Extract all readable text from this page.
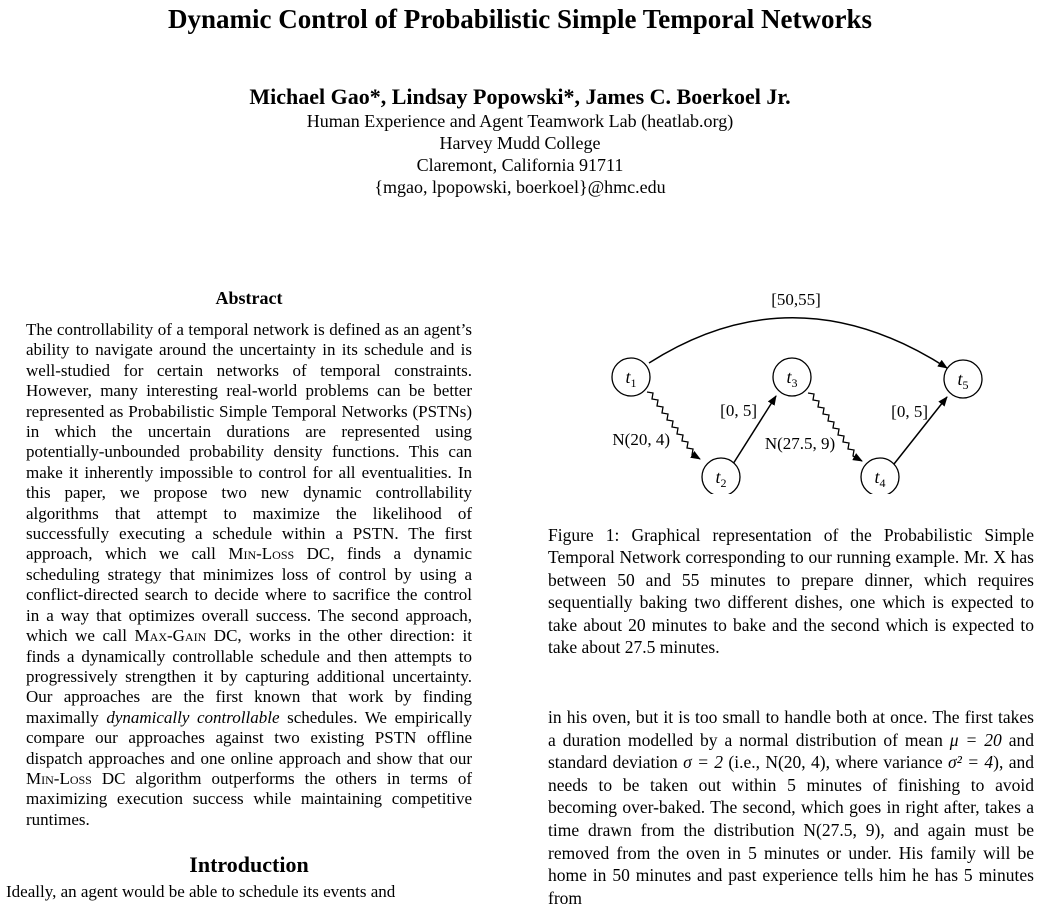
Dynamic Control of Probabilistic Simple Temporal Networks
Michael Gao*, Lindsay Popowski*, James C. Boerkoel Jr.
Human Experience and Agent Teamwork Lab (heatlab.org)
Harvey Mudd College
Claremont, California 91711
{mgao, lpopowski, boerkoel}@hmc.edu
Abstract
The controllability of a temporal network is defined as an agent’s ability to navigate around the uncertainty in its schedule and is well-studied for certain networks of temporal constraints. However, many interesting real-world problems can be better represented as Probabilistic Simple Temporal Networks (PSTNs) in which the uncertain durations are represented using potentially-unbounded probability density functions. This can make it inherently impossible to control for all eventualities. In this paper, we propose two new dynamic controllability algorithms that attempt to maximize the likelihood of successfully executing a schedule within a PSTN. The first approach, which we call Min-Loss DC, finds a dynamic scheduling strategy that minimizes loss of control by using a conflict-directed search to decide where to sacrifice the control in a way that optimizes overall success. The second approach, which we call Max-Gain DC, works in the other direction: it finds a dynamically controllable schedule and then attempts to progressively strengthen it by capturing additional uncertainty. Our approaches are the first known that work by finding maximally dynamically controllable schedules. We empirically compare our approaches against two existing PSTN offline dispatch approaches and one online approach and show that our Min-Loss DC algorithm outperforms the others in terms of maximizing execution success while maintaining competitive runtimes.
Introduction
Ideally, an agent would be able to schedule its events and
$t_1$
$t_2$
$t_3$
$t_4$
$t_5$
[50,55]
N(20, 4)
[0, 5]
N(27.5, 9)
[0, 5]
Figure 1: Graphical representation of the Probabilistic Simple Temporal Network corresponding to our running example. Mr. X has between 50 and 55 minutes to prepare dinner, which requires sequentially baking two different dishes, one which is expected to take about 20 minutes to bake and the second which is expected to take about 27.5 minutes.
in his oven, but it is too small to handle both at once. The first takes a duration modelled by a normal distribution of mean μ = 20 and standard deviation σ = 2 (i.e., N(20, 4), where variance σ² = 4), and needs to be taken out within 5 minutes of finishing to avoid becoming over-baked. The second, which goes in right after, takes a time drawn from the distribution N(27.5, 9), and again must be removed from the oven in 5 minutes or under. His family will be home in 50 minutes and past experience tells him he has 5 minutes from
